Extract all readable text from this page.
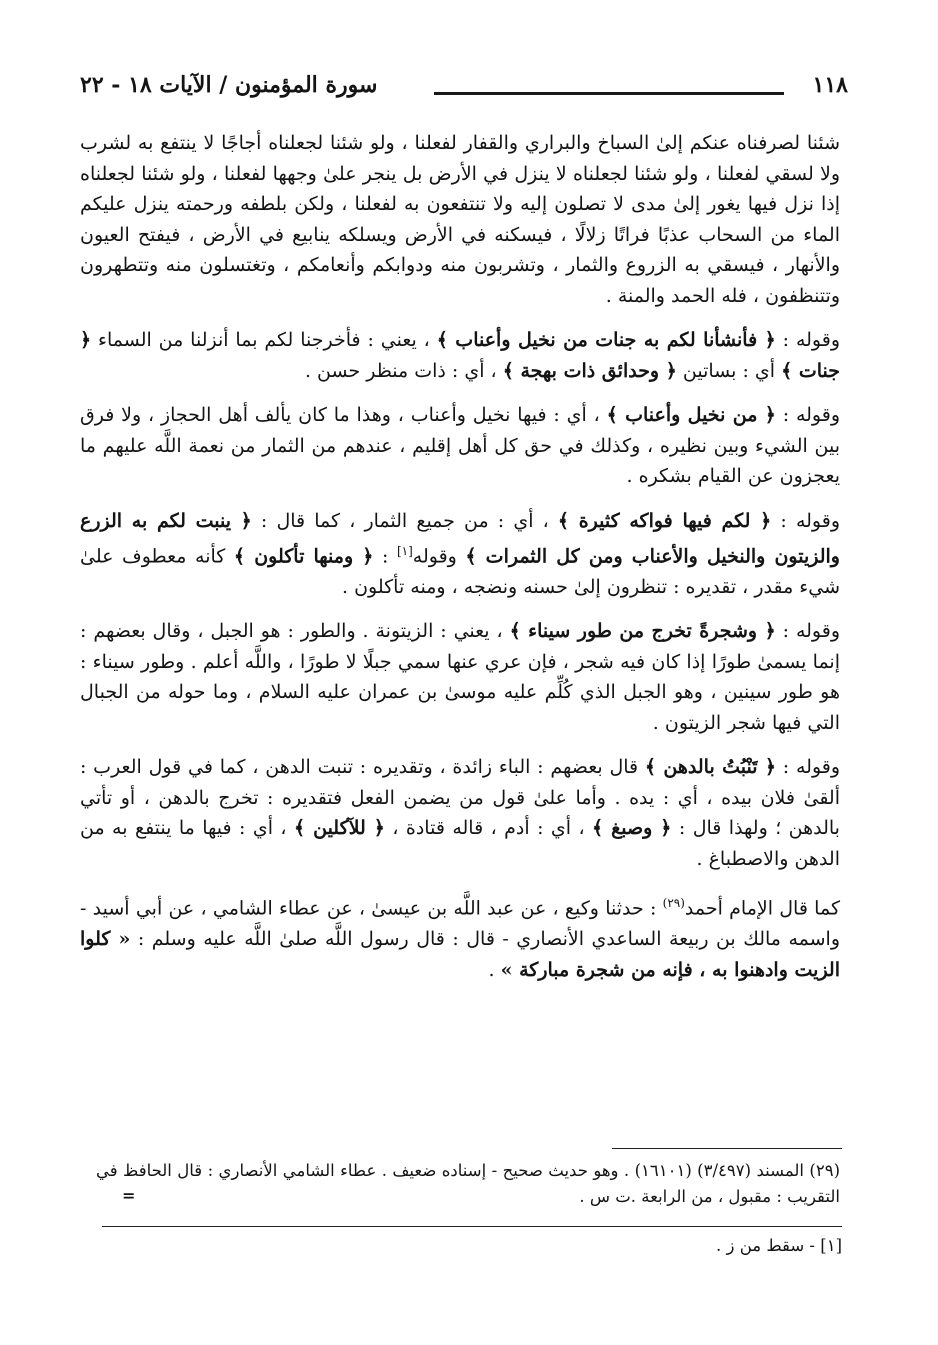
١١٨
سورة المؤمنون / الآيات ١٨ - ٢٢

شئنا لصرفناه عنكم إلىٰ السباخ والبراري والقفار لفعلنا ، ولو شئنا لجعلناه أجاجًا لا ينتفع به لشرب ولا لسقي لفعلنا ، ولو شئنا لجعلناه لا ينزل في الأرض بل ينجر علىٰ وجهها لفعلنا ، ولو شئنا لجعلناه إذا نزل فيها يغور إلىٰ مدى لا تصلون إليه ولا تنتفعون به لفعلنا ، ولكن بلطفه ورحمته ينزل عليكم الماء من السحاب عذبًا فراتًا زلالًا ، فيسكنه في الأرض ويسلكه ينابيع في الأرض ، فيفتح العيون والأنهار ، فيسقي به الزروع والثمار ، وتشربون منه ودوابكم وأنعامكم ، وتغتسلون منه وتتطهرون وتتنظفون ، فله الحمد والمنة .

وقوله : ﴿ فأنشأنا لكم به جنات من نخيل وأعناب ﴾ ، يعني : فأخرجنا لكم بما أنزلنا من السماء ﴿ جنات ﴾ أي : بساتين ﴿ وحدائق ذات بهجة ﴾ ، أي : ذات منظر حسن .

وقوله : ﴿ من نخيل وأعناب ﴾ ، أي : فيها نخيل وأعناب ، وهذا ما كان يألف أهل الحجاز ، ولا فرق بين الشيء وبين نظيره ، وكذلك في حق كل أهل إقليم ، عندهم من الثمار من نعمة اللَّه عليهم ما يعجزون عن القيام بشكره .

وقوله : ﴿ لكم فيها فواكه كثيرة ﴾ ، أي : من جميع الثمار ، كما قال : ﴿ ينبت لكم به الزرع والزيتون والنخيل والأعناب ومن كل الثمرات ﴾ وقوله[١] : ﴿ ومنها تأكلون ﴾ كأنه معطوف علىٰ شيء مقدر ، تقديره : تنظرون إلىٰ حسنه ونضجه ، ومنه تأكلون .

وقوله : ﴿ وشجرةً تخرج من طور سيناء ﴾ ، يعني : الزيتونة . والطور : هو الجبل ، وقال بعضهم : إنما يسمىٰ طورًا إذا كان فيه شجر ، فإن عري عنها سمي جبلًا لا طورًا ، واللَّه أعلم . وطور سيناء : هو طور سينين ، وهو الجبل الذي كُلِّم عليه موسىٰ بن عمران عليه السلام ، وما حوله من الجبال التي فيها شجر الزيتون .

وقوله : ﴿ تَنْبُتُ بالدهن ﴾ قال بعضهم : الباء زائدة ، وتقديره : تنبت الدهن ، كما في قول العرب : ألقىٰ فلان بيده ، أي : يده . وأما علىٰ قول من يضمن الفعل فتقديره : تخرج بالدهن ، أو تأتي بالدهن ؛ ولهذا قال : ﴿ وصبغ ﴾ ، أي : أدم ، قاله قتادة ، ﴿ للآكلين ﴾ ، أي : فيها ما ينتفع به من الدهن والاصطباغ .

كما قال الإمام أحمد$^{(٢٩)}$ : حدثنا وكيع ، عن عبد اللَّه بن عيسىٰ ، عن عطاء الشامي ، عن أبي أسيد - واسمه مالك بن ربيعة الساعدي الأنصاري - قال : قال رسول اللَّه صلىٰ اللَّه عليه وسلم : « كلوا الزيت وادهنوا به ، فإنه من شجرة مباركة » .

(٢٩) المسند (٣/٤٩٧) (١٦١٠١) . وهو حديث صحيح - إسناده ضعيف . عطاء الشامي الأنصاري : قال الحافظ في التقريب : مقبول ، من الرابعة .ت س .
=
[١] - سقط من ز .
